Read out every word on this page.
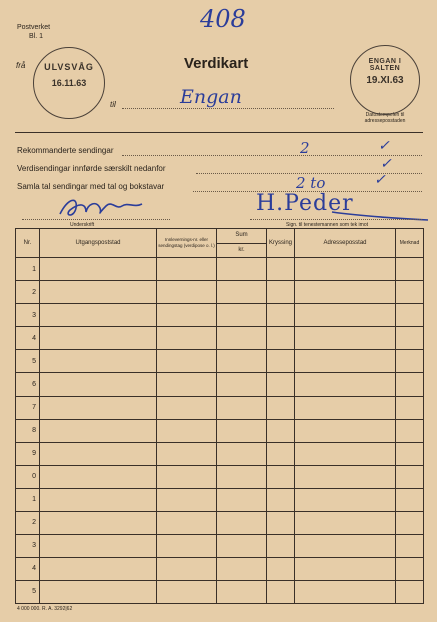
Postverket
Bl. 1
408
Verdikart
frå
til	Engan
Datostempelen til adresseposstaden
ULVSVÅG
16.11.63
ENGAN I SALTEN
19.XI.63
Rekommanderte sendingar	2	✓
Verdisendingar innførde særskilt nedanfor	✓
Samla tal sendingar med tal og bokstavar	2 to	✓
Underskrift
H.Peder
Sign. til tenestemannen som tek imot
Nr.	Utgangspoststad	Innlevernings-nr. eller sendingstag (verdipose o. l.)	Sum	Kryssing	Adresseposstad	Merknad
			kr.			
1						
2						
3						
4						
5						
6						
7						
8						
9						
0						
1						
2						
3						
4						
5						
4 000 000. R. A. 3292|62
